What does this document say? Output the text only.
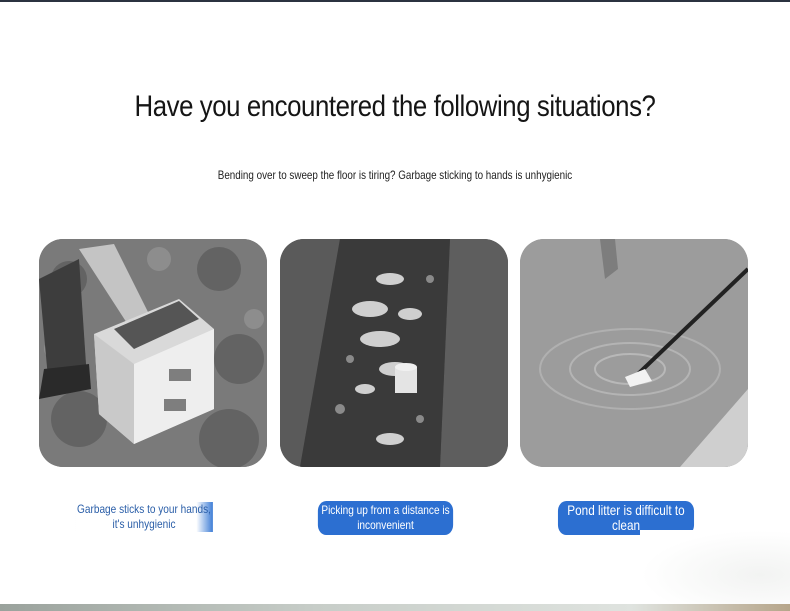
Have you encountered the following situations?
Bending over to sweep the floor is tiring? Garbage sticking to hands is unhygienic
Garbage sticks to your hands, it's unhygienic
Picking up from a distance is inconvenient
Pond litter is difficult to clean
